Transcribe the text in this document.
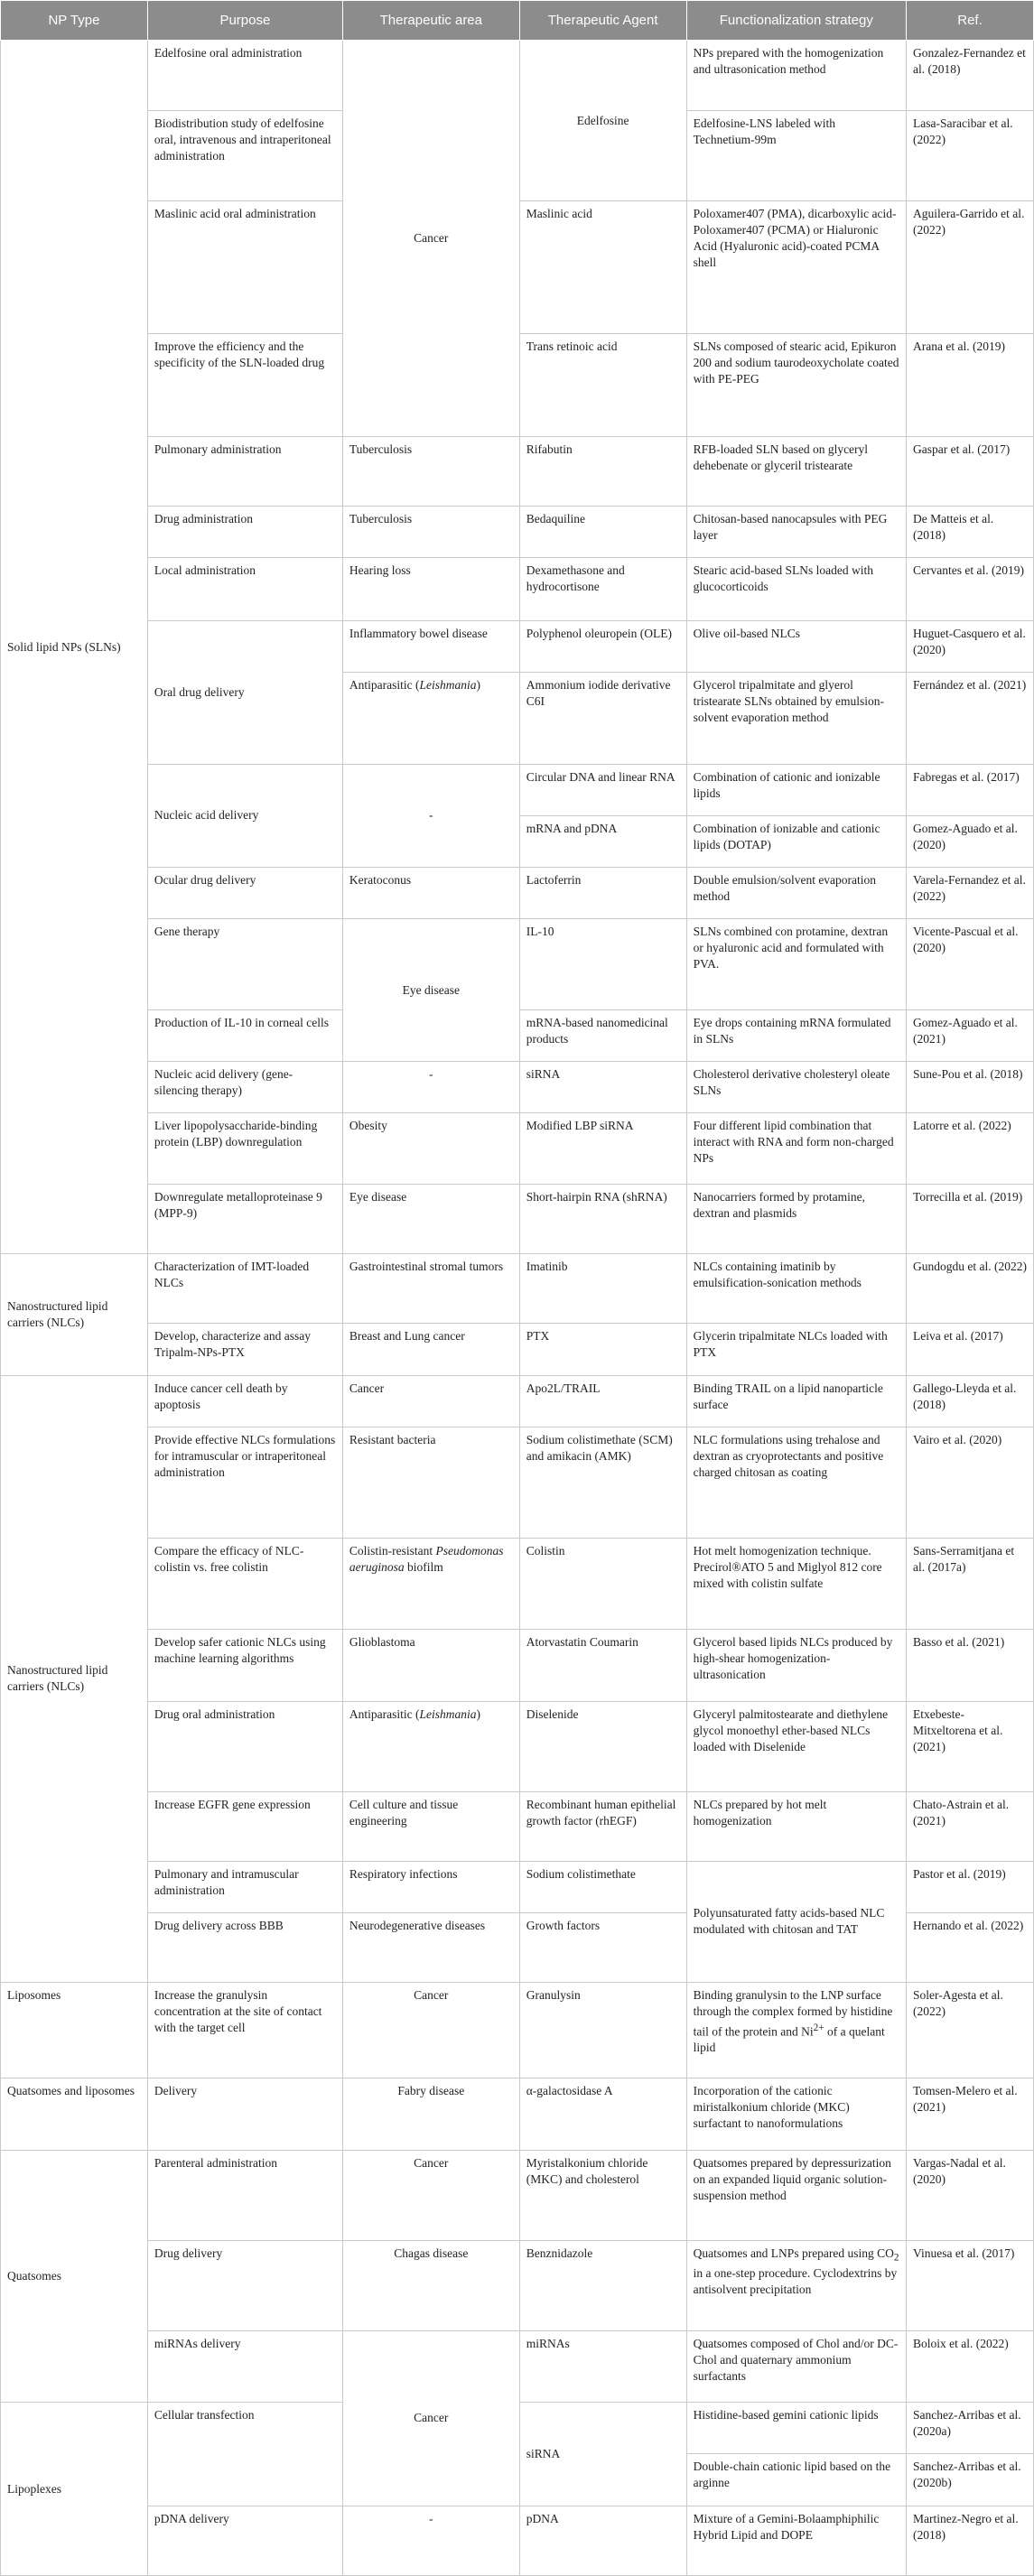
NP Type	Purpose	Therapeutic area	Therapeutic Agent	Functionalization strategy	Ref.
Solid lipid NPs (SLNs)	Edelfosine oral administration	Cancer	Edelfosine	NPs prepared with the homogenization and ultrasonication method	Gonzalez-Fernandez et al. (2018)
	Biodistribution study of edelfosine oral, intravenous and intraperitoneal administration			Edelfosine-LNS labeled with Technetium-99m	Lasa-Saracibar et al. (2022)
	Maslinic acid oral administration		Maslinic acid	Poloxamer407 (PMA), dicarboxylic acid-Poloxamer407 (PCMA) or Hialuronic Acid (Hyaluronic acid)-coated PCMA shell	Aguilera-Garrido et al. (2022)
	Improve the efficiency and the specificity of the SLN-loaded drug		Trans retinoic acid	SLNs composed of stearic acid, Epikuron 200 and sodium taurodeoxycholate coated with PE-PEG	Arana et al. (2019)
	Pulmonary administration	Tuberculosis	Rifabutin	RFB-loaded SLN based on glyceryl dehebenate or glyceril tristearate	Gaspar et al. (2017)
	Drug administration	Tuberculosis	Bedaquiline	Chitosan-based nanocapsules with PEG layer	De Matteis et al. (2018)
	Local administration	Hearing loss	Dexamethasone and hydrocortisone	Stearic acid-based SLNs loaded with glucocorticoids	Cervantes et al. (2019)
	Oral drug delivery	Inflammatory bowel disease	Polyphenol oleuropein (OLE)	Olive oil-based NLCs	Huguet-Casquero et al. (2020)
		Antiparasitic (Leishmania)	Ammonium iodide derivative C6I	Glycerol tripalmitate and glyerol tristearate SLNs obtained by emulsion-solvent evaporation method	Fernández et al. (2021)
	Nucleic acid delivery	-	Circular DNA and linear RNA	Combination of cationic and ionizable lipids	Fabregas et al. (2017)
			mRNA and pDNA	Combination of ionizable and cationic lipids (DOTAP)	Gomez-Aguado et al. (2020)
	Ocular drug delivery	Keratoconus	Lactoferrin	Double emulsion/solvent evaporation method	Varela-Fernandez et al. (2022)
	Gene therapy	Eye disease	IL-10	SLNs combined con protamine, dextran or hyaluronic acid and formulated with PVA.	Vicente-Pascual et al. (2020)
	Production of IL-10 in corneal cells		mRNA-based nanomedicinal products	Eye drops containing mRNA formulated in SLNs	Gomez-Aguado et al. (2021)
	Nucleic acid delivery (gene-silencing therapy)	-	siRNA	Cholesterol derivative cholesteryl oleate SLNs	Sune-Pou et al. (2018)
	Liver lipopolysaccharide-binding protein (LBP) downregulation	Obesity	Modified LBP siRNA	Four different lipid combination that interact with RNA and form non-charged NPs	Latorre et al. (2022)
	Downregulate metalloproteinase 9 (MPP-9)	Eye disease	Short-hairpin RNA (shRNA)	Nanocarriers formed by protamine, dextran and plasmids	Torrecilla et al. (2019)
Nanostructured lipid carriers (NLCs)	Characterization of IMT-loaded NLCs	Gastrointestinal stromal tumors	Imatinib	NLCs containing imatinib by emulsification-sonication methods	Gundogdu et al. (2022)
	Develop, characterize and assay Tripalm-NPs-PTX	Breast and Lung cancer	PTX	Glycerin tripalmitate NLCs loaded with PTX	Leiva et al. (2017)
Nanostructured lipid carriers (NLCs)	Induce cancer cell death by apoptosis	Cancer	Apo2L/TRAIL	Binding TRAIL on a lipid nanoparticle surface	Gallego-Lleyda et al. (2018)
	Provide effective NLCs formulations for intramuscular or intraperitoneal administration	Resistant bacteria	Sodium colistimethate (SCM) and amikacin (AMK)	NLC formulations using trehalose and dextran as cryoprotectants and positive charged chitosan as coating	Vairo et al. (2020)
	Compare the efficacy of NLC-colistin vs. free colistin	Colistin-resistant Pseudomonas aeruginosa biofilm	Colistin	Hot melt homogenization technique. Precirol®ATO 5 and Miglyol 812 core mixed with colistin sulfate	Sans-Serramitjana et al. (2017a)
	Develop safer cationic NLCs using machine learning algorithms	Glioblastoma	Atorvastatin Coumarin	Glycerol based lipids NLCs produced by high-shear homogenization-ultrasonication	Basso et al. (2021)
	Drug oral administration	Antiparasitic (Leishmania)	Diselenide	Glyceryl palmitostearate and diethylene glycol monoethyl ether-based NLCs loaded with Diselenide	Etxebeste-Mitxeltorena et al. (2021)
	Increase EGFR gene expression	Cell culture and tissue engineering	Recombinant human epithelial growth factor (rhEGF)	NLCs prepared by hot melt homogenization	Chato-Astrain et al. (2021)
	Pulmonary and intramuscular administration	Respiratory infections	Sodium colistimethate	Polyunsaturated fatty acids-based NLC modulated with chitosan and TAT	Pastor et al. (2019)
	Drug delivery across BBB	Neurodegenerative diseases	Growth factors		Hernando et al. (2022)
Liposomes	Increase the granulysin concentration at the site of contact with the target cell	Cancer	Granulysin	Binding granulysin to the LNP surface through the complex formed by histidine tail of the protein and $Ni^{2+}$ of a quelant lipid	Soler-Agesta et al. (2022)
Quatsomes and liposomes	Delivery	Fabry disease	α-galactosidase A	Incorporation of the cationic miristalkonium chloride (MKC) surfactant to nanoformulations	Tomsen-Melero et al. (2021)
Quatsomes	Parenteral administration	Cancer	Myristalkonium chloride (MKC) and cholesterol	Quatsomes prepared by depressurization on an expanded liquid organic solution-suspension method	Vargas-Nadal et al. (2020)
	Drug delivery	Chagas disease	Benznidazole	Quatsomes and LNPs prepared using $CO_2$ in a one-step procedure. Cyclodextrins by antisolvent precipitation	Vinuesa et al. (2017)
	miRNAs delivery	Cancer	miRNAs	Quatsomes composed of Chol and/or DC-Chol and quaternary ammonium surfactants	Boloix et al. (2022)
Lipoplexes	Cellular transfection		siRNA	Histidine-based gemini cationic lipids	Sanchez-Arribas et al. (2020a)
				Double-chain cationic lipid based on the arginne	Sanchez-Arribas et al. (2020b)
	pDNA delivery	-	pDNA	Mixture of a Gemini-Bolaamphiphilic Hybrid Lipid and DOPE	Martinez-Negro et al. (2018)
